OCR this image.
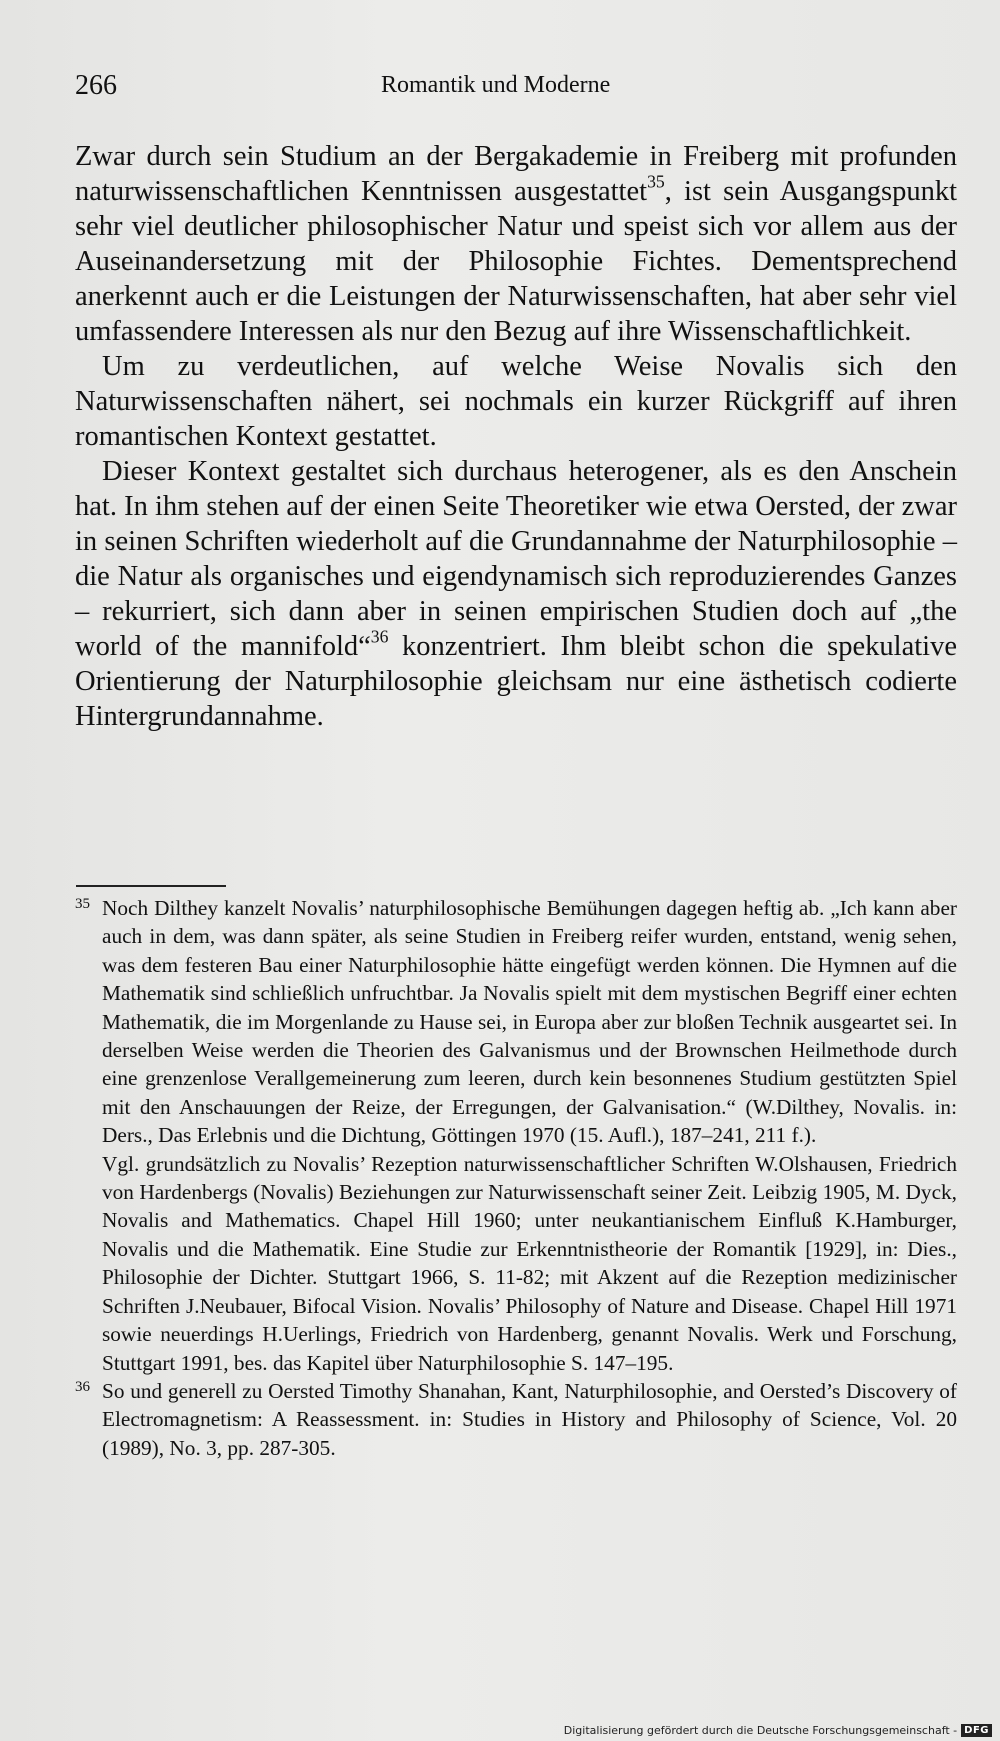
266	Romantik und Moderne

Zwar durch sein Studium an der Bergakademie in Freiberg mit profunden naturwissenschaftlichen Kenntnissen ausgestattet$^{35}$, ist sein Ausgangspunkt sehr viel deutlicher philosophischer Natur und speist sich vor allem aus der Auseinandersetzung mit der Philosophie Fichtes. Dementsprechend anerkennt auch er die Leistungen der Naturwissenschaften, hat aber sehr viel umfassendere Interessen als nur den Bezug auf ihre Wissenschaftlichkeit.

Um zu verdeutlichen, auf welche Weise Novalis sich den Naturwissenschaften nähert, sei nochmals ein kurzer Rückgriff auf ihren romantischen Kontext gestattet.

Dieser Kontext gestaltet sich durchaus heterogener, als es den Anschein hat. In ihm stehen auf der einen Seite Theoretiker wie etwa Oersted, der zwar in seinen Schriften wiederholt auf die Grundannahme der Naturphilosophie – die Natur als organisches und eigendynamisch sich reproduzierendes Ganzes – rekurriert, sich dann aber in seinen empirischen Studien doch auf „the world of the mannifold“$^{36}$ konzentriert. Ihm bleibt schon die spekulative Orientierung der Naturphilosophie gleichsam nur eine ästhetisch codierte Hintergrundannahme.

35 Noch Dilthey kanzelt Novalis’ naturphilosophische Bemühungen dagegen heftig ab. „Ich kann aber auch in dem, was dann später, als seine Studien in Freiberg reifer wurden, entstand, wenig sehen, was dem festeren Bau einer Naturphilosophie hätte eingefügt werden können. Die Hymnen auf die Mathematik sind schließlich unfruchtbar. Ja Novalis spielt mit dem mystischen Begriff einer echten Mathematik, die im Morgenlande zu Hause sei, in Europa aber zur bloßen Technik ausgeartet sei. In derselben Weise werden die Theorien des Galvanismus und der Brownschen Heilmethode durch eine grenzenlose Verallgemeinerung zum leeren, durch kein besonnenes Studium gestützten Spiel mit den Anschauungen der Reize, der Erregungen, der Galvanisation.“ (W.Dilthey, Novalis. in: Ders., Das Erlebnis und die Dichtung, Göttingen 1970 (15. Aufl.), 187–241, 211 f.).

Vgl. grundsätzlich zu Novalis’ Rezeption naturwissenschaftlicher Schriften W.Olshausen, Friedrich von Hardenbergs (Novalis) Beziehungen zur Naturwissenschaft seiner Zeit. Leibzig 1905, M. Dyck, Novalis and Mathematics. Chapel Hill 1960; unter neukantianischem Einfluß K.Hamburger, Novalis und die Mathematik. Eine Studie zur Erkenntnistheorie der Romantik [1929], in: Dies., Philosophie der Dichter. Stuttgart 1966, S. 11-82; mit Akzent auf die Rezeption medizinischer Schriften J.Neubauer, Bifocal Vision. Novalis’ Philosophy of Nature and Disease. Chapel Hill 1971 sowie neuerdings H.Uerlings, Friedrich von Hardenberg, genannt Novalis. Werk und Forschung, Stuttgart 1991, bes. das Kapitel über Naturphilosophie S. 147–195.

36 So und generell zu Oersted Timothy Shanahan, Kant, Naturphilosophie, and Oersted’s Discovery of Electromagnetism: A Reassessment. in: Studies in History and Philosophy of Science, Vol. 20 (1989), No. 3, pp. 287-305.

Digitalisierung gefördert durch die Deutsche Forschungsgemeinschaft - DFG
